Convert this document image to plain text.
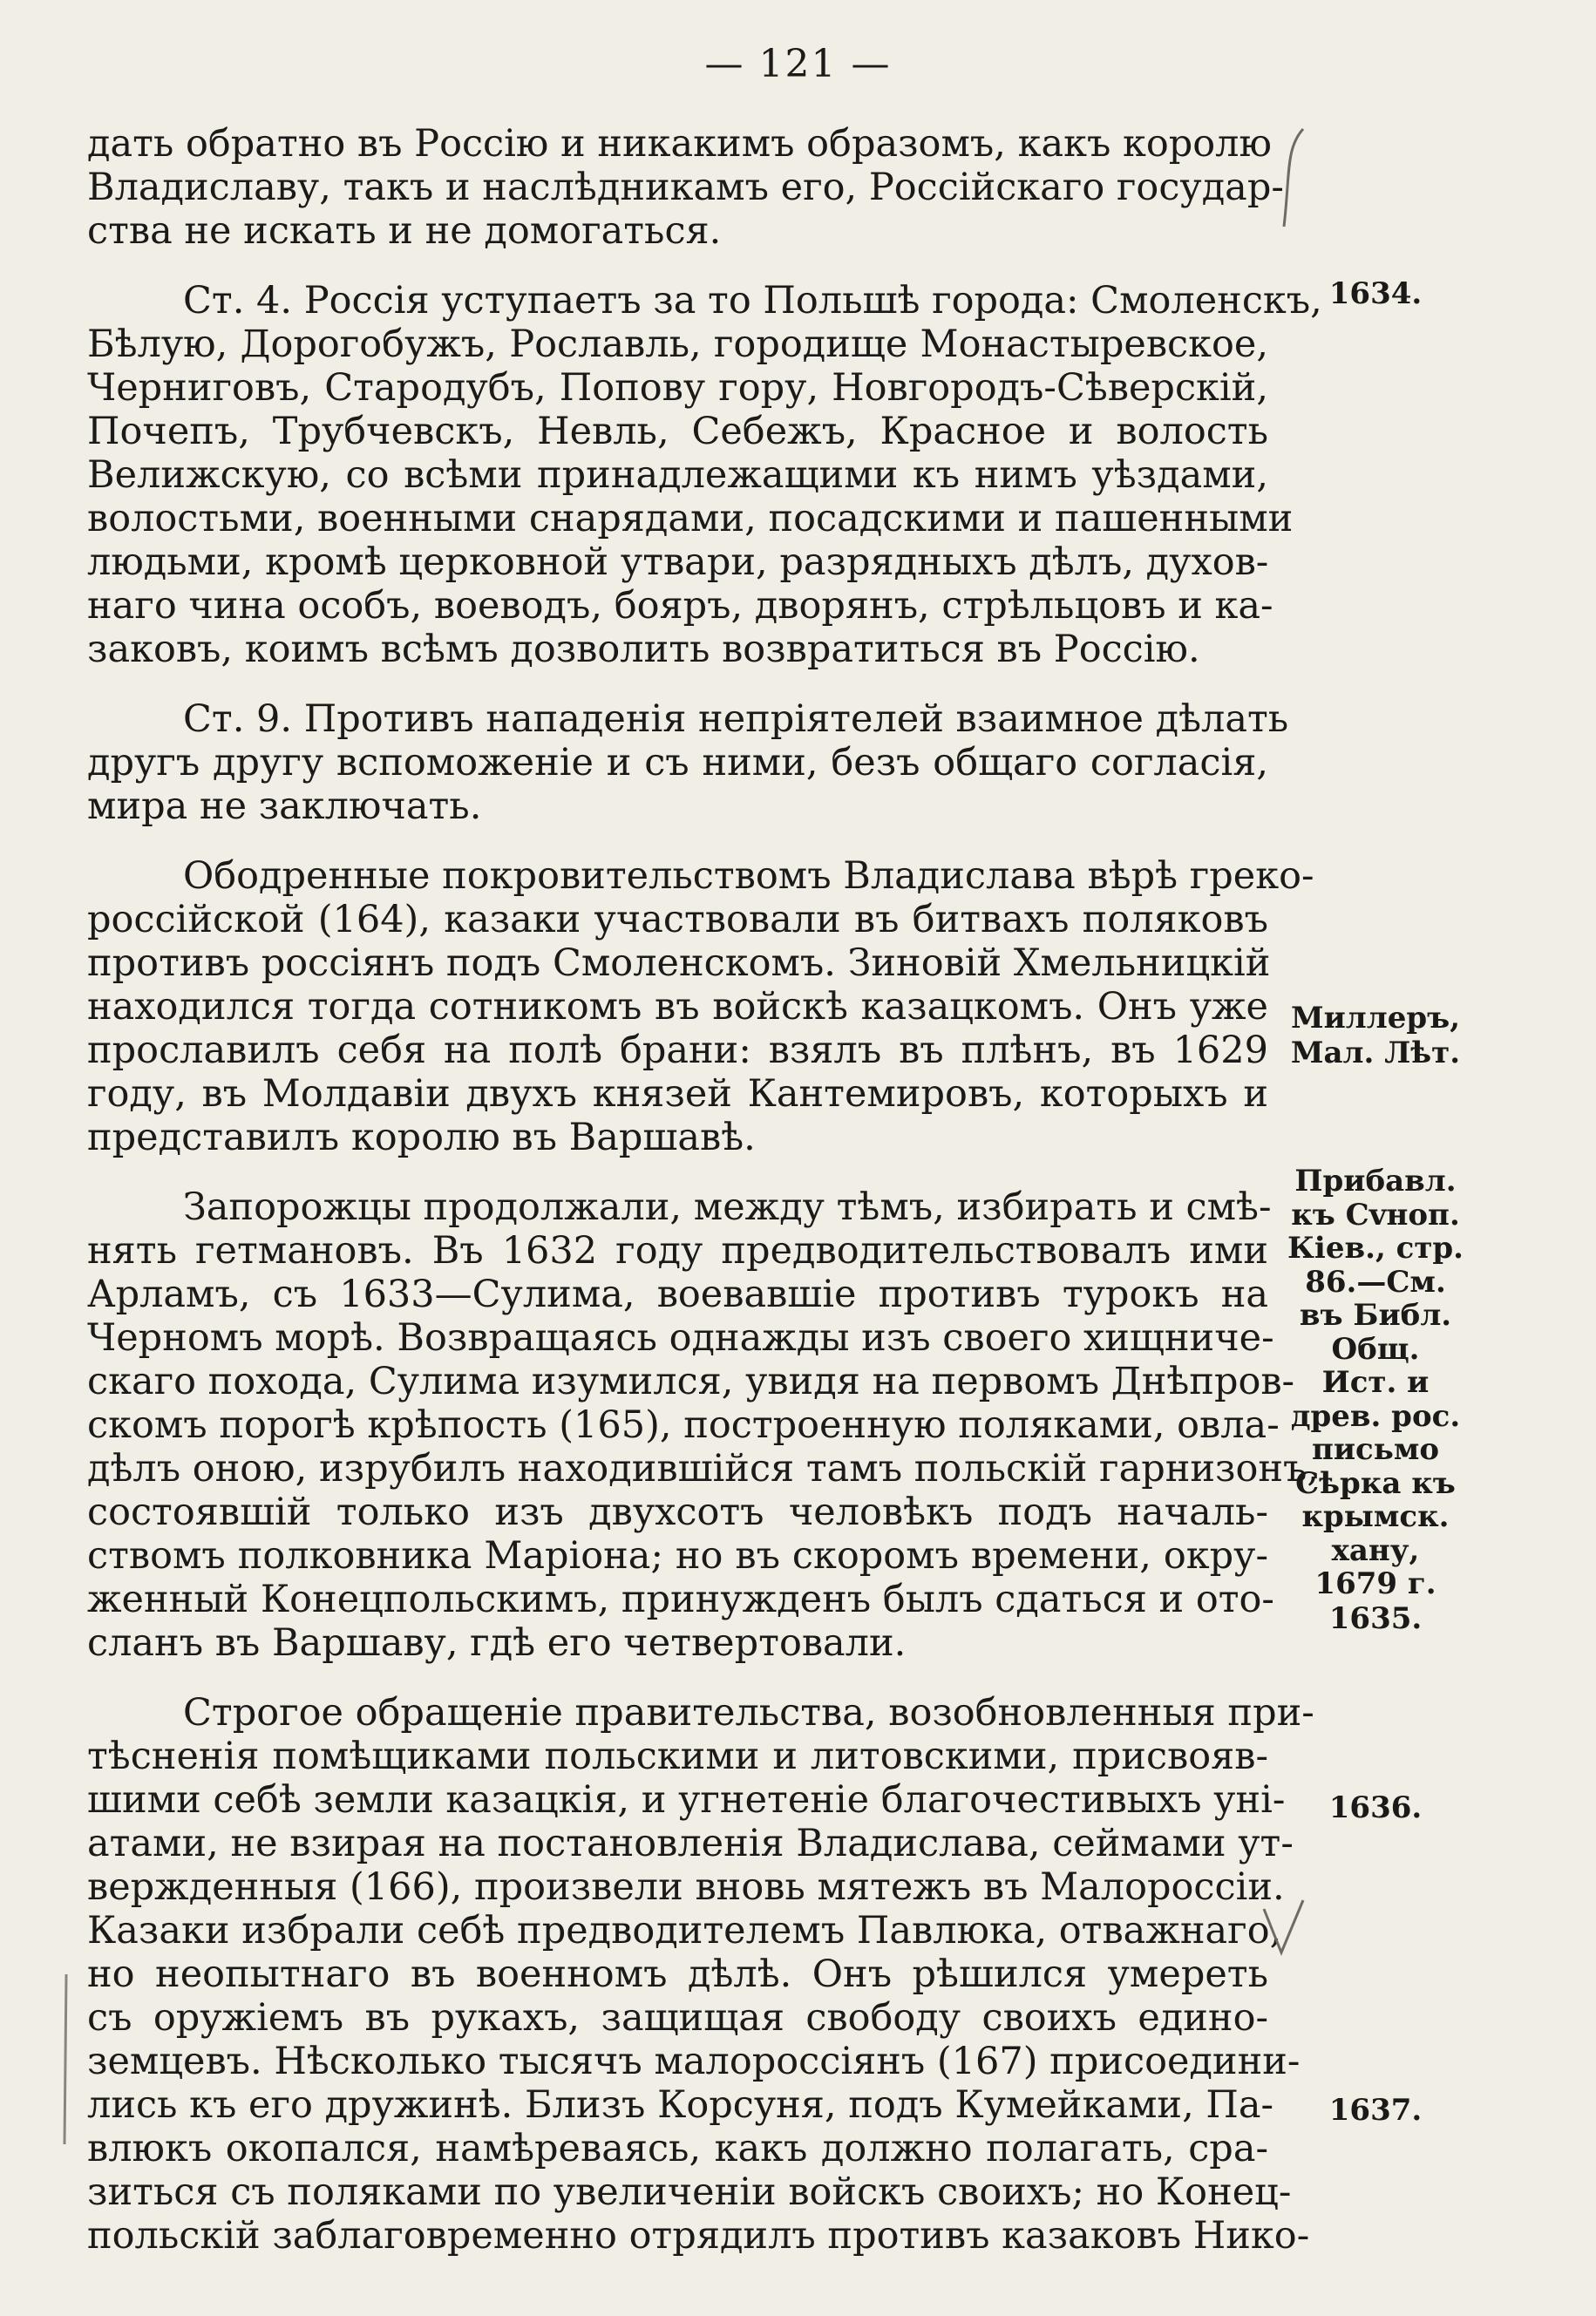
— 121 —
дать обратно въ Россію и никакимъ образомъ, какъ королю
Владиславу, такъ и наслѣдникамъ его, Россійскаго государ-
ства не искать и не домогаться.
Ст. 4. Россія уступаетъ за то Польшѣ города: Смоленскъ,
Бѣлую, Дорогобужъ, Рославль, городище Монастыревское,
Черниговъ, Стародубъ, Попову гору, Новгородъ-Сѣверскій,
Почепъ, Трубчевскъ, Невль, Себежъ, Красное и волость
Велижскую, со всѣми принадлежащими къ нимъ уѣздами,
волостьми, военными снарядами, посадскими и пашенными
людьми, кромѣ церковной утвари, разрядныхъ дѣлъ, духов-
наго чина особъ, воеводъ, бояръ, дворянъ, стрѣльцовъ и ка-
заковъ, коимъ всѣмъ дозволить возвратиться въ Россію.
Ст. 9. Противъ нападенія непріятелей взаимное дѣлать
другъ другу вспоможеніе и съ ними, безъ общаго согласія,
мира не заключать.
Ободренные покровительствомъ Владислава вѣрѣ греко-
россійской (164), казаки участвовали въ битвахъ поляковъ
противъ россіянъ подъ Смоленскомъ. Зиновій Хмельницкій
находился тогда сотникомъ въ войскѣ казацкомъ. Онъ уже
прославилъ себя на полѣ брани: взялъ въ плѣнъ, въ 1629
году, въ Молдавіи двухъ князей Кантемировъ, которыхъ и
представилъ королю въ Варшавѣ.
Запорожцы продолжали, между тѣмъ, избирать и смѣ-
нять гетмановъ. Въ 1632 году предводительствовалъ ими
Арламъ, съ 1633—Сулима, воевавшіе противъ турокъ на
Черномъ морѣ. Возвращаясь однажды изъ своего хищниче-
скаго похода, Сулима изумился, увидя на первомъ Днѣпров-
скомъ порогѣ крѣпость (165), построенную поляками, овла-
дѣлъ оною, изрубилъ находившійся тамъ польскій гарнизонъ,
состоявшій только изъ двухсотъ человѣкъ подъ началь-
ствомъ полковника Маріона; но въ скоромъ времени, окру-
женный Конецпольскимъ, принужденъ былъ сдаться и ото-
сланъ въ Варшаву, гдѣ его четвертовали.
Строгое обращеніе правительства, возобновленныя при-
тѣсненія помѣщиками польскими и литовскими, присвояв-
шими себѣ земли казацкія, и угнетеніе благочестивыхъ уні-
атами, не взирая на постановленія Владислава, сеймами ут-
вержденныя (166), произвели вновь мятежъ въ Малороссіи.
Казаки избрали себѣ предводителемъ Павлюка, отважнаго,
но неопытнаго въ военномъ дѣлѣ. Онъ рѣшился умереть
съ оружіемъ въ рукахъ, защищая свободу своихъ едино-
земцевъ. Нѣсколько тысячъ малороссіянъ (167) присоедини-
лись къ его дружинѣ. Близъ Корсуня, подъ Кумейками, Па-
влюкъ окопался, намѣреваясь, какъ должно полагать, сра-
зиться съ поляками по увеличеніи войскъ своихъ; но Конец-
польскій заблаговременно отрядилъ противъ казаковъ Нико-
1634.
Миллеръ,
Мал. Лѣт.
Прибавл.
къ Сvноп.
Кіев., стр.
86.—См.
въ Библ.
Общ.
Ист. и
древ. рос.
письмо
Сѣрка къ
крымск.
хану,
1679 г.
1635.
1636.
1637.
